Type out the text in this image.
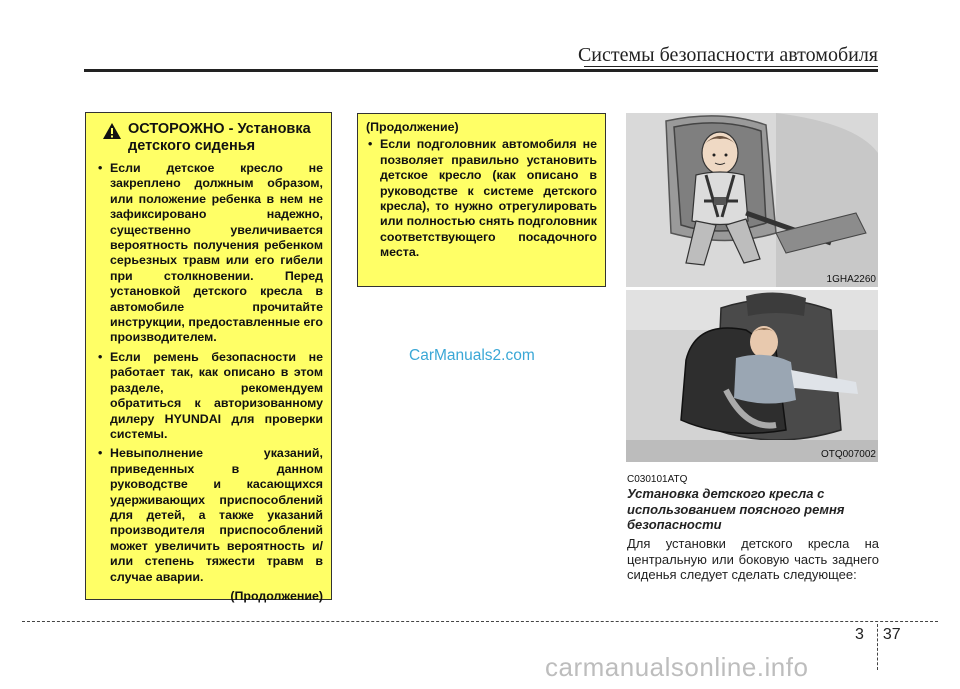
Системы безопасности автомобиля
ОСТОРОЖНО - Установка детского сиденья
• Если детское кресло не закреплено должным образом, или положение ребенка в нем не зафиксировано надежно, существенно увеличивается вероятность получения ребенком серьезных травм или его гибели при столкновении. Перед установкой детского кресла в автомобиле прочитайте инструкции, предоставленные его производителем.
• Если ремень безопасности не работает так, как описано в этом разделе, рекомендуем обратиться к авторизованному дилеру HYUNDAI для проверки системы.
• Невыполнение указаний, приведенных в данном руководстве и касающихся удерживающих приспособлений для детей, а также указаний производителя приспособлений может увеличить вероятность и/или степень тяжести травм в случае аварии.
(Продолжение)
(Продолжение)
• Если подголовник автомобиля не позволяет правильно установить детское кресло (как описано в руководстве к системе детского кресла), то нужно отрегулировать или полностью снять подголовник соответствующего посадочного места.
CarManuals2.com
1GHA2260
OTQ007002
C030101ATQ
Установка детского кресла с использованием поясного ремня безопасности
Для установки детского кресла на центральную или боковую часть заднего сиденья следует сделать следующее:
3 37
carmanualsonline.info
